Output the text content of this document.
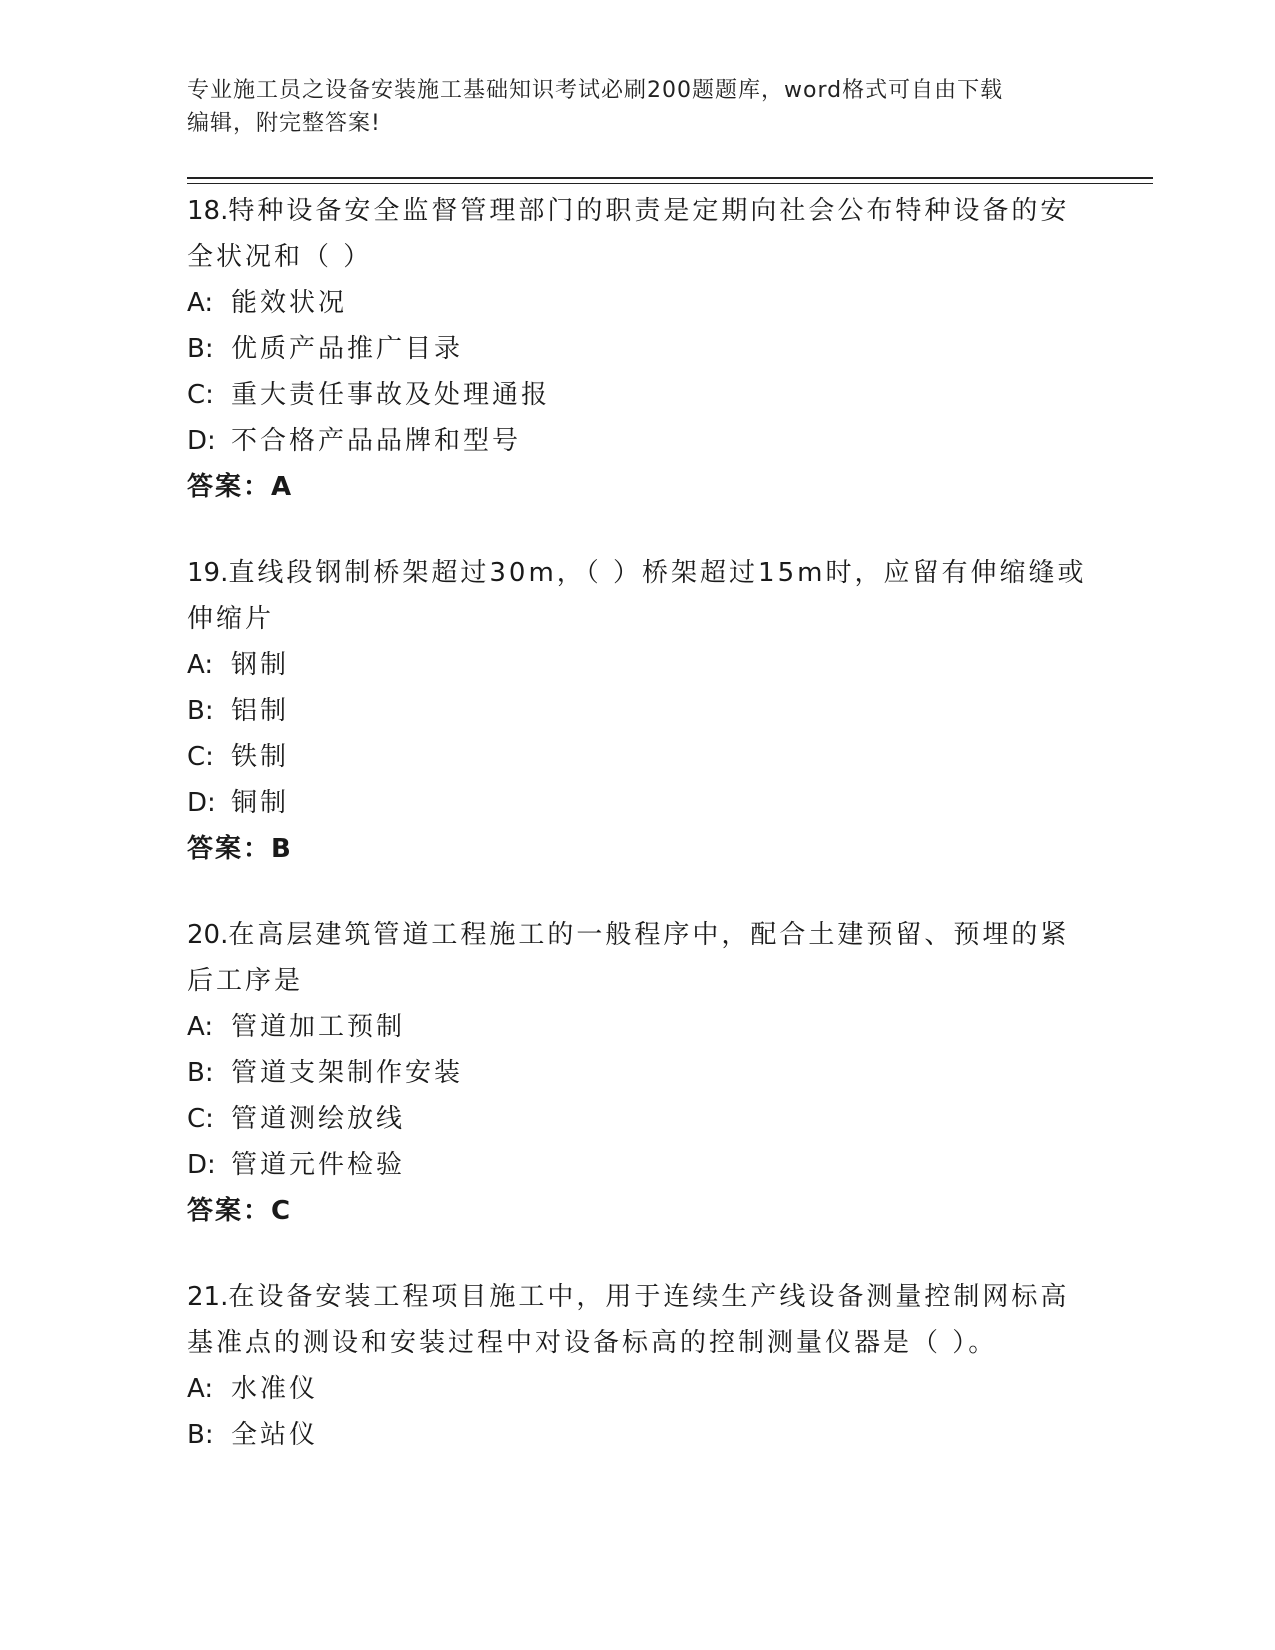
专业施工员之设备安装施工基础知识考试必刷200题题库，word格式可自由下载
编辑，附完整答案!
18.特种设备安全监督管理部门的职责是定期向社会公布特种设备的安全状况和（ ）
A: 能效状况
B: 优质产品推广目录
C: 重大责任事故及处理通报
D: 不合格产品品牌和型号
答案：A
19.直线段钢制桥架超过30m，（ ）桥架超过15m时，应留有伸缩缝或伸缩片
A: 钢制
B: 铝制
C: 铁制
D: 铜制
答案：B
20.在高层建筑管道工程施工的一般程序中，配合土建预留、预埋的紧后工序是
A: 管道加工预制
B: 管道支架制作安装
C: 管道测绘放线
D: 管道元件检验
答案：C
21.在设备安装工程项目施工中，用于连续生产线设备测量控制网标高基准点的测设和安装过程中对设备标高的控制测量仪器是（ ）。
A: 水准仪
B: 全站仪
